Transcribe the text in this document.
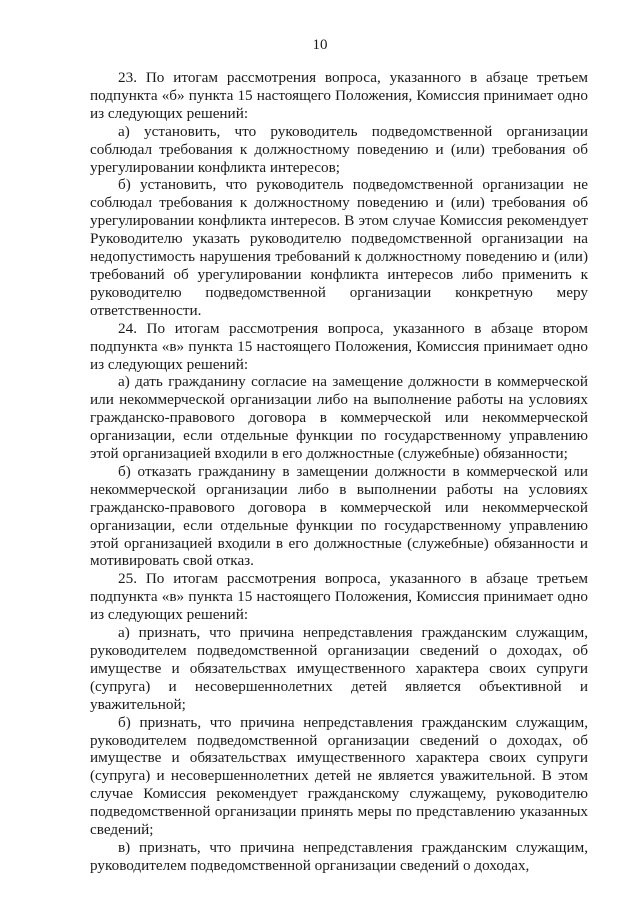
10

23. По итогам рассмотрения вопроса, указанного в абзаце третьем подпункта «б» пункта 15 настоящего Положения, Комиссия принимает одно из следующих решений:

а) установить, что руководитель подведомственной организации соблюдал требования к должностному поведению и (или) требования об урегулировании конфликта интересов;

б) установить, что руководитель подведомственной организации не соблюдал требования к должностному поведению и (или) требования об урегулировании конфликта интересов. В этом случае Комиссия рекомендует Руководителю указать руководителю подведомственной организации на недопустимость нарушения требований к должностному поведению и (или) требований об урегулировании конфликта интересов либо применить к руководителю подведомственной организации конкретную меру ответственности.

24. По итогам рассмотрения вопроса, указанного в абзаце втором подпункта «в» пункта 15 настоящего Положения, Комиссия принимает одно из следующих решений:

а) дать гражданину согласие на замещение должности в коммерческой или некоммерческой организации либо на выполнение работы на условиях гражданско-правового договора в коммерческой или некоммерческой организации, если отдельные функции по государственному управлению этой организацией входили в его должностные (служебные) обязанности;

б) отказать гражданину в замещении должности в коммерческой или некоммерческой организации либо в выполнении работы на условиях гражданско-правового договора в коммерческой или некоммерческой организации, если отдельные функции по государственному управлению этой организацией входили в его должностные (служебные) обязанности и мотивировать свой отказ.

25. По итогам рассмотрения вопроса, указанного в абзаце третьем подпункта «в» пункта 15 настоящего Положения, Комиссия принимает одно из следующих решений:

а) признать, что причина непредставления гражданским служащим, руководителем подведомственной организации сведений о доходах, об имуществе и обязательствах имущественного характера своих супруги (супруга) и несовершеннолетних детей является объективной и уважительной;

б) признать, что причина непредставления гражданским служащим, руководителем подведомственной организации сведений о доходах, об имуществе и обязательствах имущественного характера своих супруги (супруга) и несовершеннолетних детей не является уважительной. В этом случае Комиссия рекомендует гражданскому служащему, руководителю подведомственной организации принять меры по представлению указанных сведений;

в) признать, что причина непредставления гражданским служащим, руководителем подведомственной организации сведений о доходах,
